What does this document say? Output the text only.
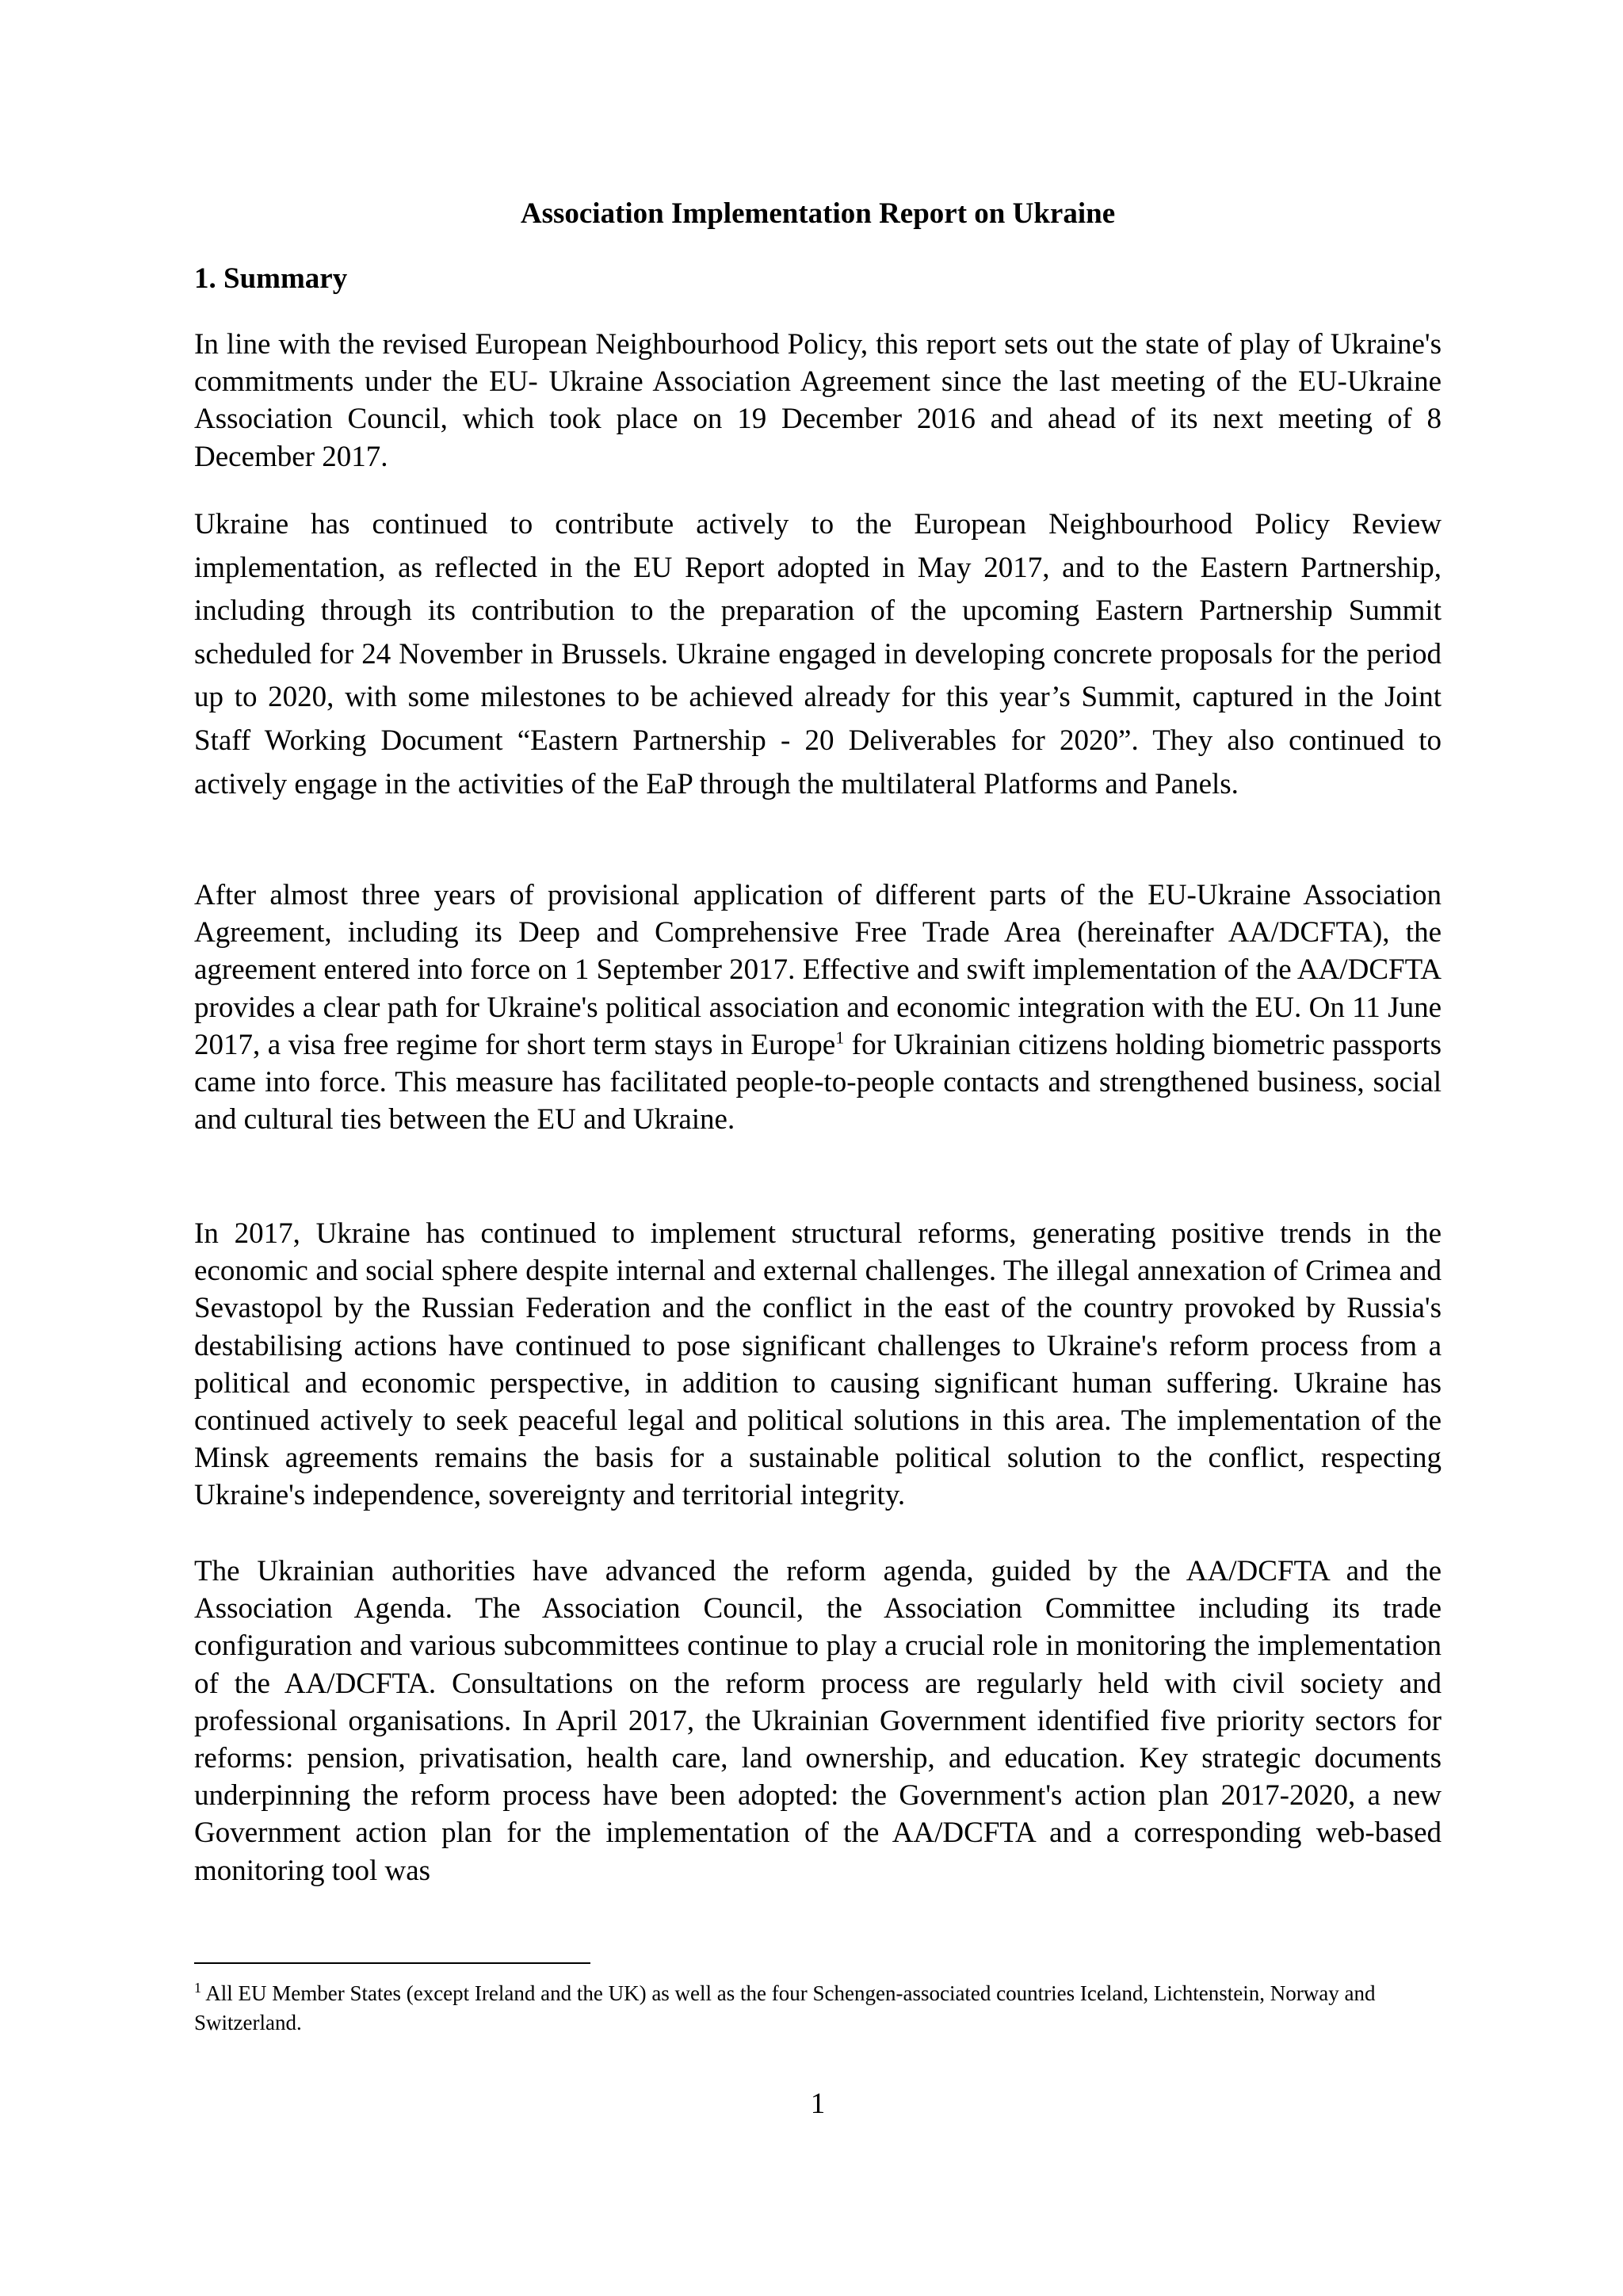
Association Implementation Report on Ukraine
1. Summary

In line with the revised European Neighbourhood Policy, this report sets out the state of play of Ukraine's commitments under the EU- Ukraine Association Agreement since the last meeting of the EU-Ukraine Association Council, which took place on 19 December 2016 and ahead of its next meeting of 8 December 2017.

Ukraine has continued to contribute actively to the European Neighbourhood Policy Review implementation, as reflected in the EU Report adopted in May 2017, and to the Eastern Partnership, including through its contribution to the preparation of the upcoming Eastern Partnership Summit scheduled for 24 November in Brussels. Ukraine engaged in developing concrete proposals for the period up to 2020, with some milestones to be achieved already for this year’s Summit, captured in the Joint Staff Working Document “Eastern Partnership - 20 Deliverables for 2020”. They also continued to actively engage in the activities of the EaP through the multilateral Platforms and Panels.

After almost three years of provisional application of different parts of the EU-Ukraine Association Agreement, including its Deep and Comprehensive Free Trade Area (hereinafter AA/DCFTA), the agreement entered into force on 1 September 2017. Effective and swift implementation of the AA/DCFTA provides a clear path for Ukraine's political association and economic integration with the EU. On 11 June 2017, a visa free regime for short term stays in Europe$^1$ for Ukrainian citizens holding biometric passports came into force. This measure has facilitated people-to-people contacts and strengthened business, social and cultural ties between the EU and Ukraine.

In 2017, Ukraine has continued to implement structural reforms, generating positive trends in the economic and social sphere despite internal and external challenges. The illegal annexation of Crimea and Sevastopol by the Russian Federation and the conflict in the east of the country provoked by Russia's destabilising actions have continued to pose significant challenges to Ukraine's reform process from a political and economic perspective, in addition to causing significant human suffering. Ukraine has continued actively to seek peaceful legal and political solutions in this area. The implementation of the Minsk agreements remains the basis for a sustainable political solution to the conflict, respecting Ukraine's independence, sovereignty and territorial integrity.

The Ukrainian authorities have advanced the reform agenda, guided by the AA/DCFTA and the Association Agenda. The Association Council, the Association Committee including its trade configuration and various subcommittees continue to play a crucial role in monitoring the implementation of the AA/DCFTA. Consultations on the reform process are regularly held with civil society and professional organisations. In April 2017, the Ukrainian Government identified five priority sectors for reforms: pension, privatisation, health care, land ownership, and education. Key strategic documents underpinning the reform process have been adopted: the Government's action plan 2017-2020, a new Government action plan for the implementation of the AA/DCFTA and a corresponding web-based monitoring tool was

$^1$ All EU Member States (except Ireland and the UK) as well as the four Schengen-associated countries Iceland, Lichtenstein, Norway and Switzerland.

1
